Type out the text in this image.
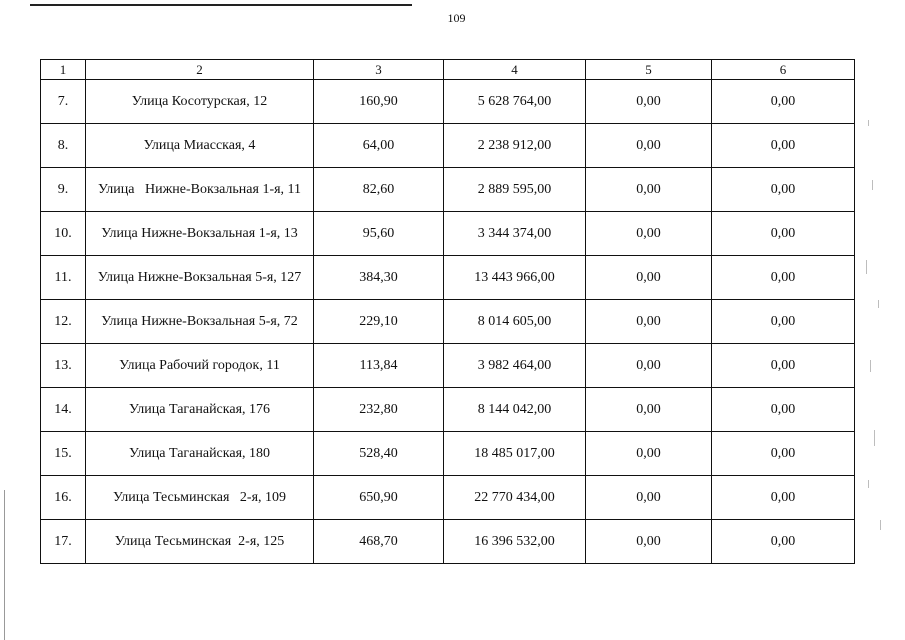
109
1	2	3	4	5	6
7.	Улица Косотурская, 12	160,90	5 628 764,00	0,00	0,00
8.	Улица Миасская, 4	64,00	2 238 912,00	0,00	0,00
9.	Улица   Нижне-Вокзальная 1-я, 11	82,60	2 889 595,00	0,00	0,00
10.	Улица Нижне-Вокзальная 1-я, 13	95,60	3 344 374,00	0,00	0,00
11.	Улица Нижне-Вокзальная 5-я, 127	384,30	13 443 966,00	0,00	0,00
12.	Улица Нижне-Вокзальная 5-я, 72	229,10	8 014 605,00	0,00	0,00
13.	Улица Рабочий городок, 11	113,84	3 982 464,00	0,00	0,00
14.	Улица Таганайская, 176	232,80	8 144 042,00	0,00	0,00
15.	Улица Таганайская, 180	528,40	18 485 017,00	0,00	0,00
16.	Улица Тесьминская   2-я, 109	650,90	22 770 434,00	0,00	0,00
17.	Улица Тесьминская  2-я, 125	468,70	16 396 532,00	0,00	0,00
